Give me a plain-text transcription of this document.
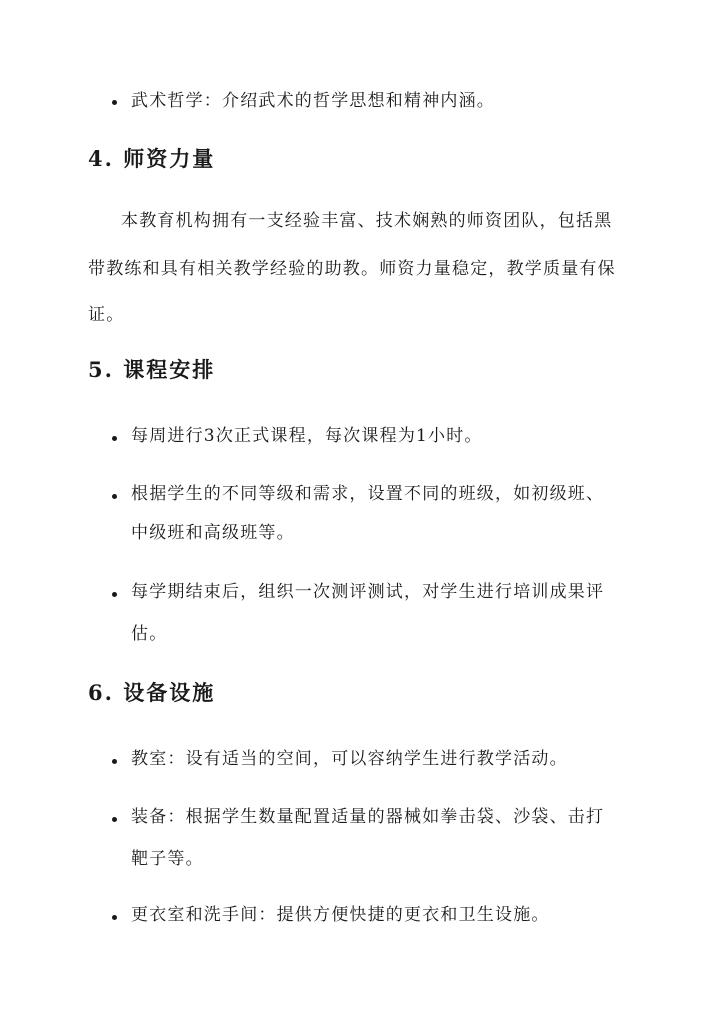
武术哲学：介绍武术的哲学思想和精神内涵。
4. 师资力量
本教育机构拥有一支经验丰富、技术娴熟的师资团队，包括黑
带教练和具有相关教学经验的助教。师资力量稳定，教学质量有保
证。
5. 课程安排
每周进行3次正式课程，每次课程为1小时。
根据学生的不同等级和需求，设置不同的班级，如初级班、
中级班和高级班等。
每学期结束后，组织一次测评测试，对学生进行培训成果评
估。
6. 设备设施
教室：设有适当的空间，可以容纳学生进行教学活动。
装备：根据学生数量配置适量的器械如拳击袋、沙袋、击打
靶子等。
更衣室和洗手间：提供方便快捷的更衣和卫生设施。
